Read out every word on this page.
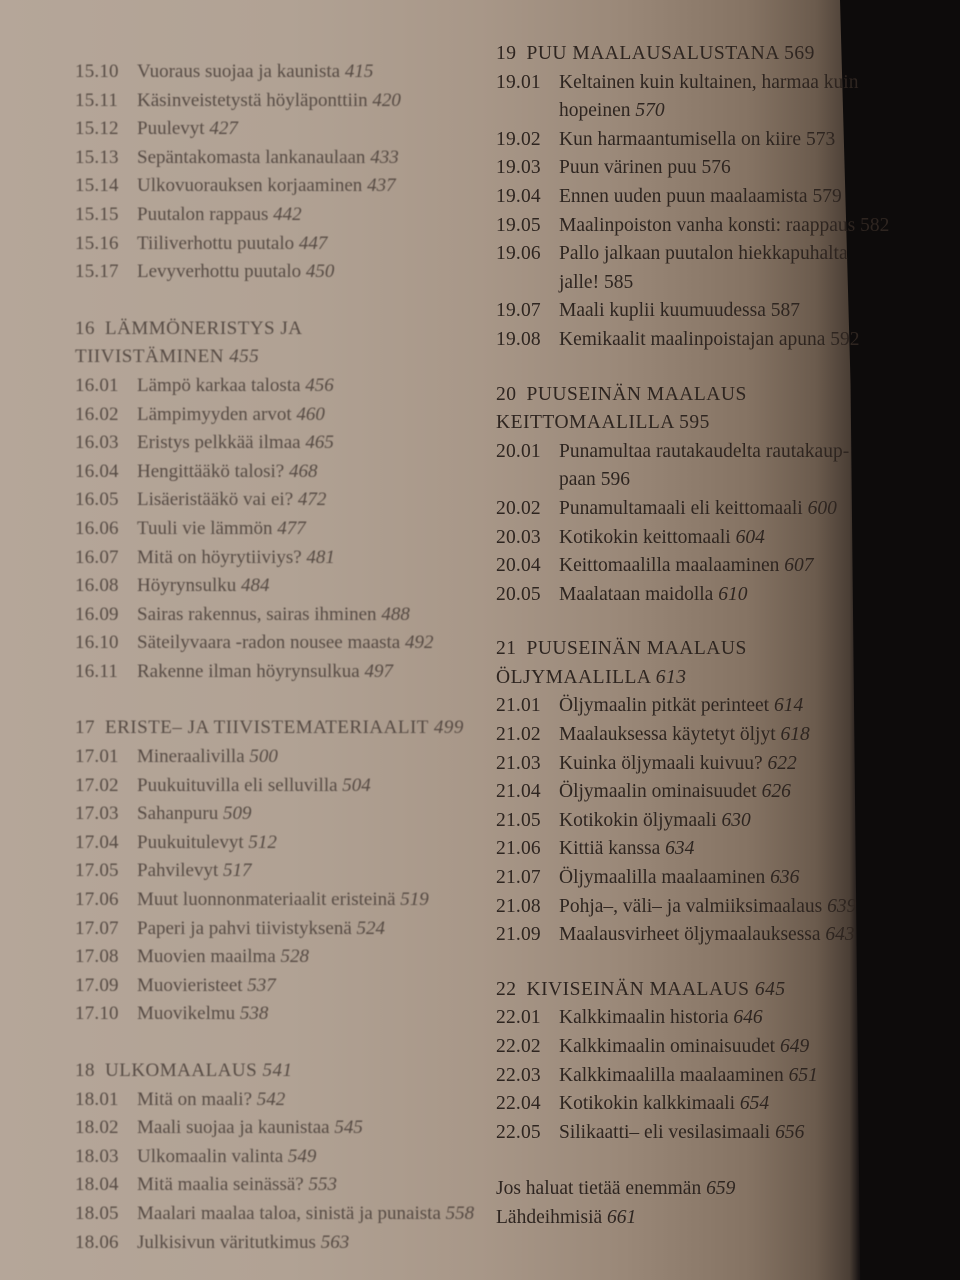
15.10 Vuoraus suojaa ja kaunista 415
15.11 Käsinveistetystä höyläponttiin 420
15.12 Puulevyt 427
15.13 Sepäntakomasta lankanaulaan 433
15.14 Ulkovuorauksen korjaaminen 437
15.15 Puutalon rappaus 442
15.16 Tiiliverhottu puutalo 447
15.17 Levyverhottu puutalo 450
16 LÄMMÖNERISTYS JA
TIIVISTÄMINEN 455
16.01 Lämpö karkaa talosta 456
16.02 Lämpimyyden arvot 460
16.03 Eristys pelkkää ilmaa 465
16.04 Hengittääkö talosi? 468
16.05 Lisäeristääkö vai ei? 472
16.06 Tuuli vie lämmön 477
16.07 Mitä on höyrytiiviys? 481
16.08 Höyrynsulku 484
16.09 Sairas rakennus, sairas ihminen 488
16.10 Säteilyvaara -radon nousee maasta 492
16.11 Rakenne ilman höyrynsulkua 497
17 ERISTE– JA TIIVISTEMATERIAALIT 499
17.01 Mineraalivilla 500
17.02 Puukuituvilla eli selluvilla 504
17.03 Sahanpuru 509
17.04 Puukuitulevyt 512
17.05 Pahvilevyt 517
17.06 Muut luonnonmateriaalit eristeinä 519
17.07 Paperi ja pahvi tiivistyksenä 524
17.08 Muovien maailma 528
17.09 Muovieristeet 537
17.10 Muovikelmu 538
18 ULKOMAALAUS 541
18.01 Mitä on maali? 542
18.02 Maali suojaa ja kaunistaa 545
18.03 Ulkomaalin valinta 549
18.04 Mitä maalia seinässä? 553
18.05 Maalari maalaa taloa, sinistä ja punaista 558
18.06 Julkisivun väritutkimus 563
19 PUU MAALAUSALUSTANA 569
19.01 Keltainen kuin kultainen, harmaa kuin
hopeinen 570
19.02 Kun harmaantumisella on kiire 573
19.03 Puun värinen puu 576
19.04 Ennen uuden puun maalaamista 579
19.05 Maalinpoiston vanha konsti: raappaus 582
19.06 Pallo jalkaan puutalon hiekkapuhalta
jalle! 585
19.07 Maali kuplii kuumuudessa 587
19.08 Kemikaalit maalinpoistajan apuna 592
20 PUUSEINÄN MAALAUS
KEITTOMAALILLA 595
20.01 Punamultaa rautakaudelta rautakaup-
paan 596
20.02 Punamultamaali eli keittomaali 600
20.03 Kotikokin keittomaali 604
20.04 Keittomaalilla maalaaminen 607
20.05 Maalataan maidolla 610
21 PUUSEINÄN MAALAUS
ÖLJYMAALILLA 613
21.01 Öljymaalin pitkät perinteet 614
21.02 Maalauksessa käytetyt öljyt 618
21.03 Kuinka öljymaali kuivuu? 622
21.04 Öljymaalin ominaisuudet 626
21.05 Kotikokin öljymaali 630
21.06 Kittiä kanssa 634
21.07 Öljymaalilla maalaaminen 636
21.08 Pohja–, väli– ja valmiiksimaalaus 639
21.09 Maalausvirheet öljymaalauksessa 643
22 KIVISEINÄN MAALAUS 645
22.01 Kalkkimaalin historia 646
22.02 Kalkkimaalin ominaisuudet 649
22.03 Kalkkimaalilla maalaaminen 651
22.04 Kotikokin kalkkimaali 654
22.05 Silikaatti– eli vesilasimaali 656
Jos haluat tietää enemmän 659
Lähdeihmisiä 661
